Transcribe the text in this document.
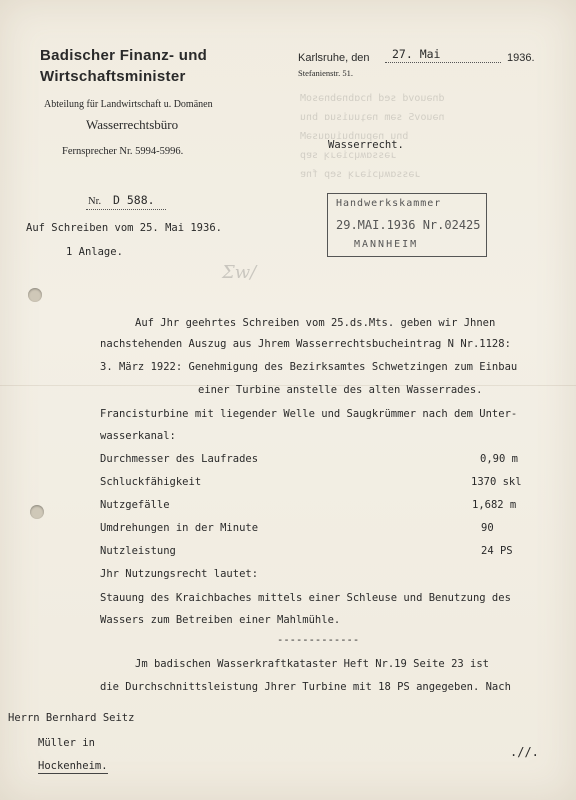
dnəuovd sed hɔɑbnəbnəsoM
nəuovS səm nəʇuuisuɑ bnu
bnu nəpunbuiuɑusəM
ɹəssɑʍɥɔiəɹʞ sɐp
ɹəssɑʍɥɔiəɹʞ sep fnɐ
Badischer Finanz- und
Wirtschaftsminister
Abteilung für Landwirtschaft u. Domänen
Wasserrechtsbüro
Fernsprecher Nr. 5994-5996.
Karlsruhe, den 27. Mai	1936.
Stefanienstr. 51.
Wasserrecht.
Nr. D 588.
Auf Schreiben vom 25. Mai 1936.
1 Anlage.
Handwerkskammer
29.MAI.1936 Nr.02425
MANNHEIM
Ʃw/
Auf Jhr geehrtes Schreiben vom 25.ds.Mts. geben wir Jhnen
nachstehenden Auszug aus Jhrem Wasserrechtsbucheintrag N Nr.1128:
3. März 1922: Genehmigung des Bezirksamtes Schwetzingen zum Einbau
einer Turbine anstelle des alten Wasserrades.
Francisturbine mit liegender Welle und Saugkrümmer nach dem Unter-
wasserkanal:
Durchmesser des Laufrades	0,90 m
Schluckfähigkeit	1370 skl
Nutzgefälle	1,682 m
Umdrehungen in der Minute	90
Nutzleistung	24 PS
Jhr Nutzungsrecht lautet:
Stauung des Kraichbaches mittels einer Schleuse und Benutzung des
Wassers zum Betreiben einer Mahlmühle.
-------------
Jm badischen Wasserkraftkataster Heft Nr.19 Seite 23 ist
die Durchschnittsleistung Jhrer Turbine mit 18 PS angegeben. Nach
Herrn Bernhard Seitz
Müller in
Hockenheim.
.//.
